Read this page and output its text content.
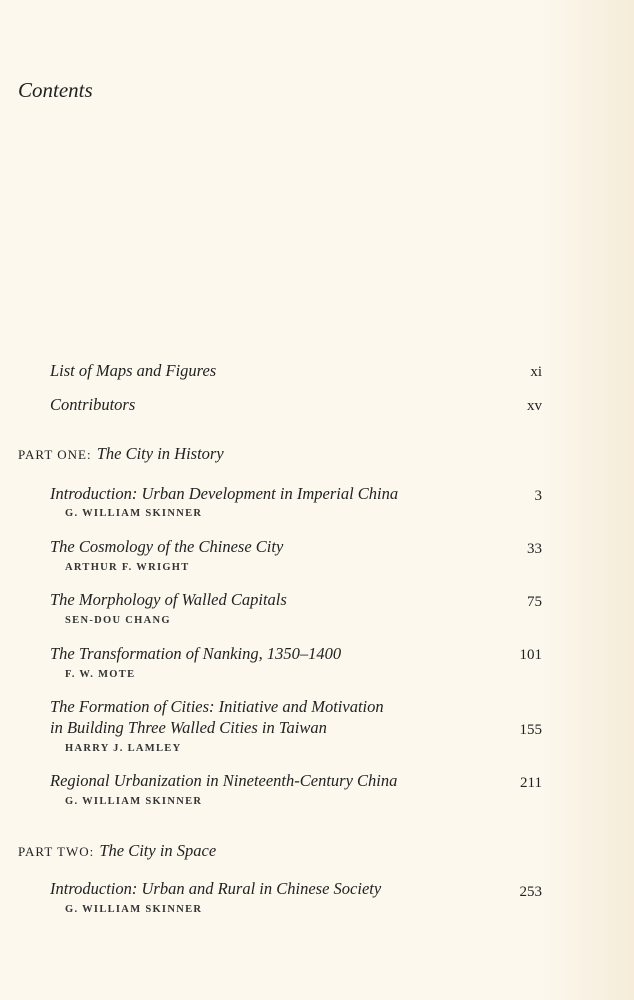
Contents
List of Maps and Figures	xi
Contributors	xv
PART ONE: The City in History
Introduction: Urban Development in Imperial China	3
G. WILLIAM SKINNER
The Cosmology of the Chinese City	33
ARTHUR F. WRIGHT
The Morphology of Walled Capitals	75
SEN-DOU CHANG
The Transformation of Nanking, 1350–1400	101
F. W. MOTE
The Formation of Cities: Initiative and Motivation
in Building Three Walled Cities in Taiwan	155
HARRY J. LAMLEY
Regional Urbanization in Nineteenth-Century China	211
G. WILLIAM SKINNER
PART TWO: The City in Space
Introduction: Urban and Rural in Chinese Society	253
G. WILLIAM SKINNER
